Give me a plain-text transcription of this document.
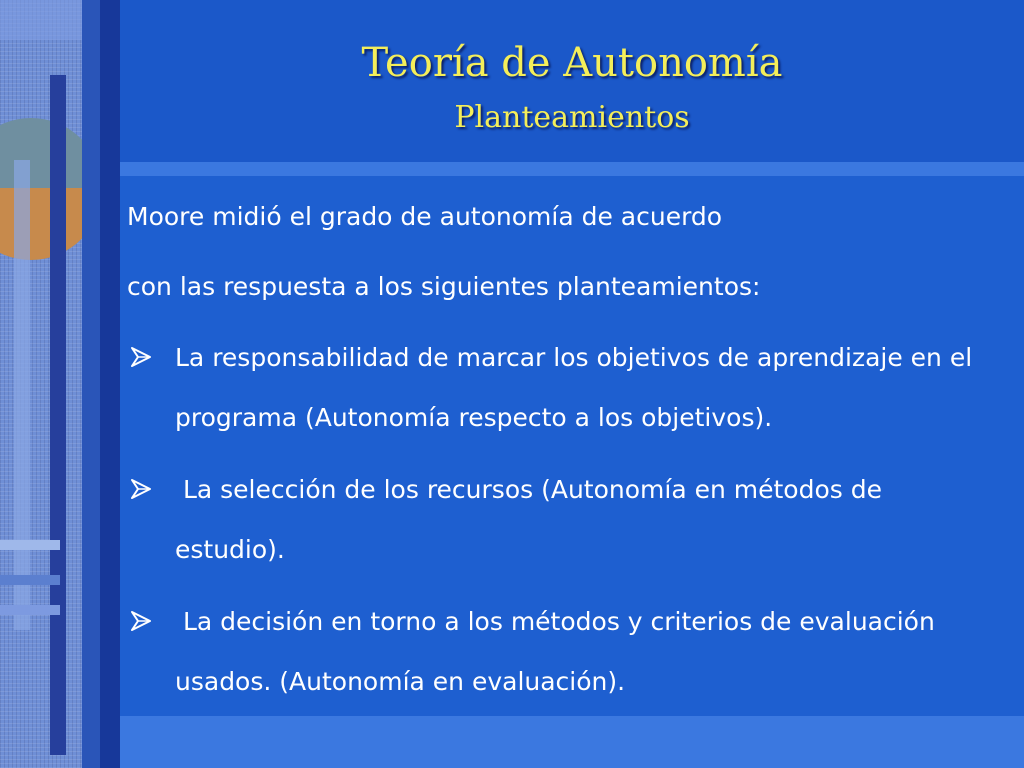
Teoría de Autonomía
Planteamientos
Moore midió el grado de autonomía de acuerdo
con las respuesta a los siguientes planteamientos:
La responsabilidad de marcar los objetivos de aprendizaje en el programa (Autonomía respecto a los objetivos).
La selección de los recursos (Autonomía en métodos de estudio).
La decisión en torno a los métodos y criterios de evaluación usados. (Autonomía en evaluación).
